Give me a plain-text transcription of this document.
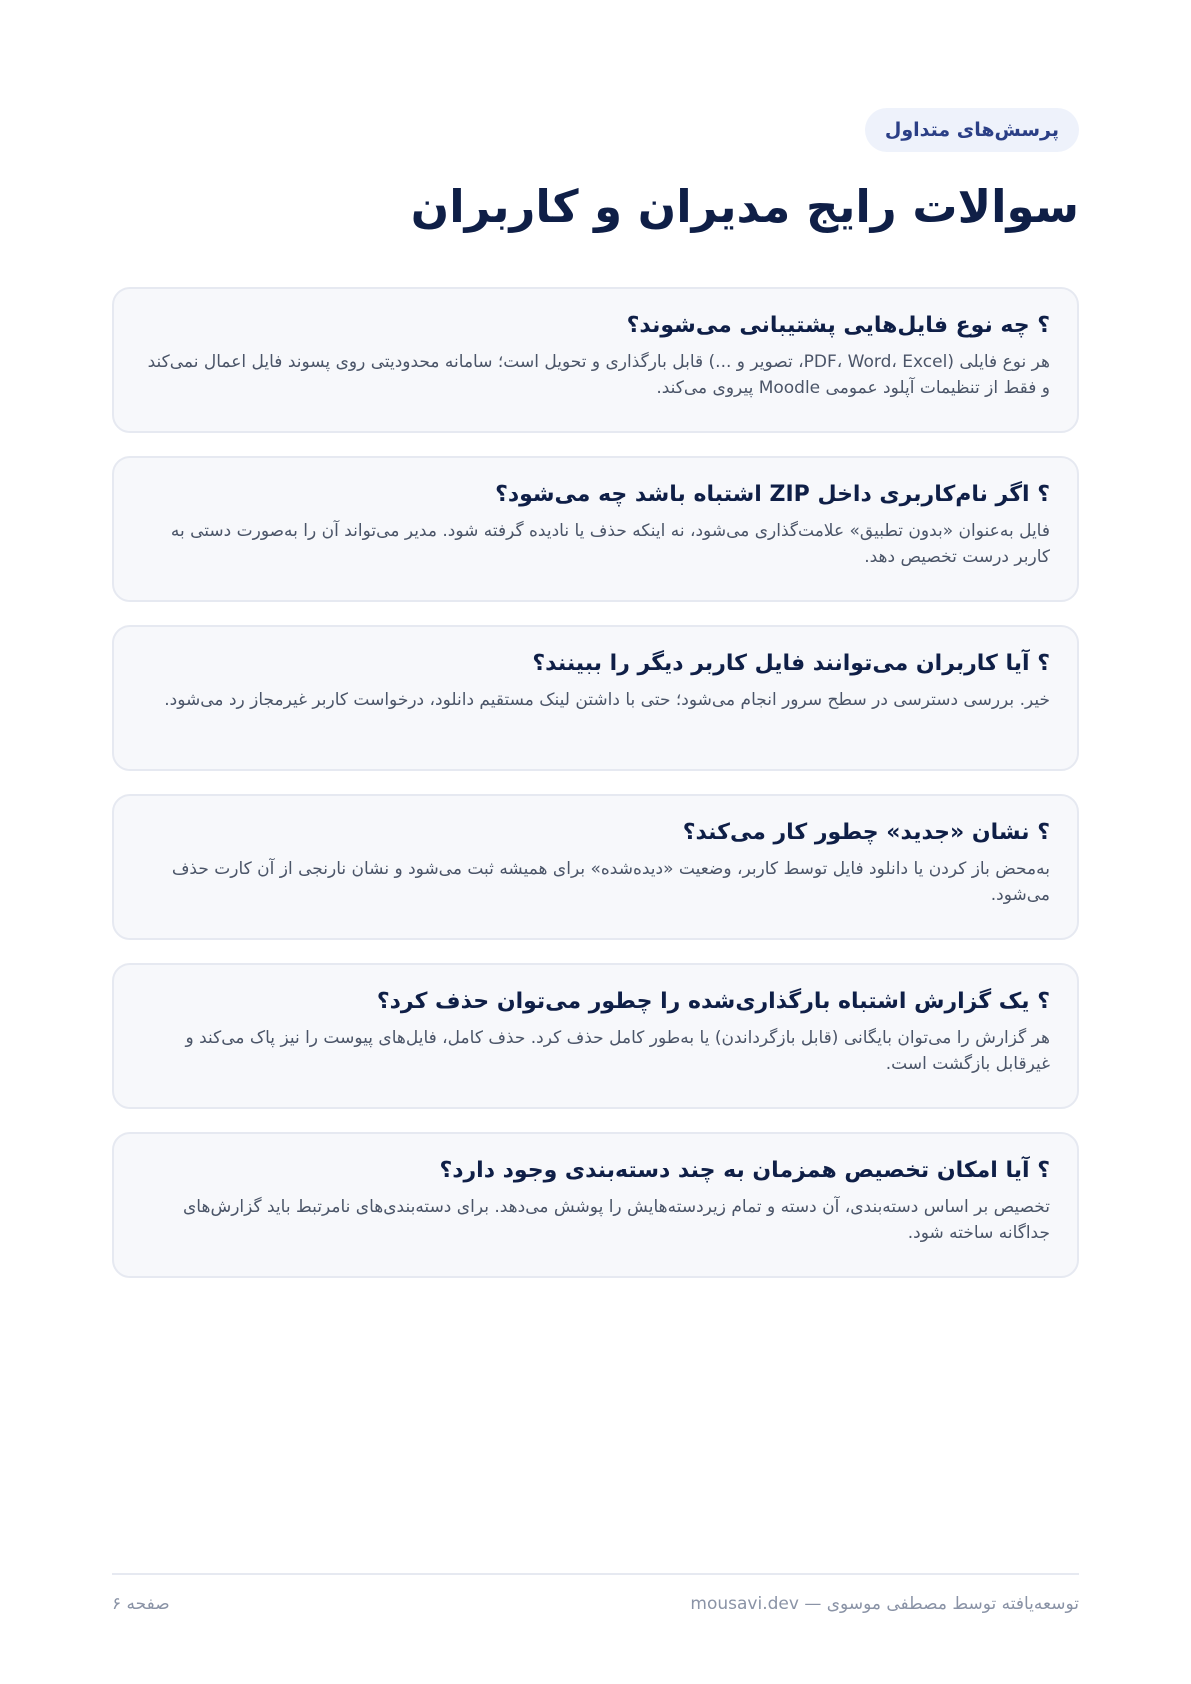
پرسش‌های متداول
سوالات رایج مدیران و کاربران
؟ چه نوع فایل‌هایی پشتیبانی می‌شوند؟

هر نوع فایلی (PDF، Word، Excel، تصویر و ...) قابل بارگذاری و تحویل است؛ سامانه محدودیتی روی پسوند فایل اعمال نمی‌کند و فقط از تنظیمات آپلود عمومی Moodle پیروی می‌کند.

؟ اگر نام‌کاربری داخل ZIP اشتباه باشد چه می‌شود؟

فایل به‌عنوان «بدون تطبیق» علامت‌گذاری می‌شود، نه اینکه حذف یا نادیده گرفته شود. مدیر می‌تواند آن را به‌صورت دستی به کاربر درست تخصیص دهد.

؟ آیا کاربران می‌توانند فایل کاربر دیگر را ببینند؟

خیر. بررسی دسترسی در سطح سرور انجام می‌شود؛ حتی با داشتن لینک مستقیم دانلود، درخواست کاربر غیرمجاز رد می‌شود.

؟ نشان «جدید» چطور کار می‌کند؟

به‌محض باز کردن یا دانلود فایل توسط کاربر، وضعیت «دیده‌شده» برای همیشه ثبت می‌شود و نشان نارنجی از آن کارت حذف می‌شود.

؟ یک گزارش اشتباه بارگذاری‌شده را چطور می‌توان حذف کرد؟

هر گزارش را می‌توان بایگانی (قابل بازگرداندن) یا به‌طور کامل حذف کرد. حذف کامل، فایل‌های پیوست را نیز پاک می‌کند و غیرقابل بازگشت است.

؟ آیا امکان تخصیص همزمان به چند دسته‌بندی وجود دارد؟

تخصیص بر اساس دسته‌بندی، آن دسته و تمام زیردسته‌هایش را پوشش می‌دهد. برای دسته‌بندی‌های نامرتبط باید گزارش‌های جداگانه ساخته شود.

توسعه‌یافته توسط مصطفی موسوی — mousavi.dev
صفحه ۶
